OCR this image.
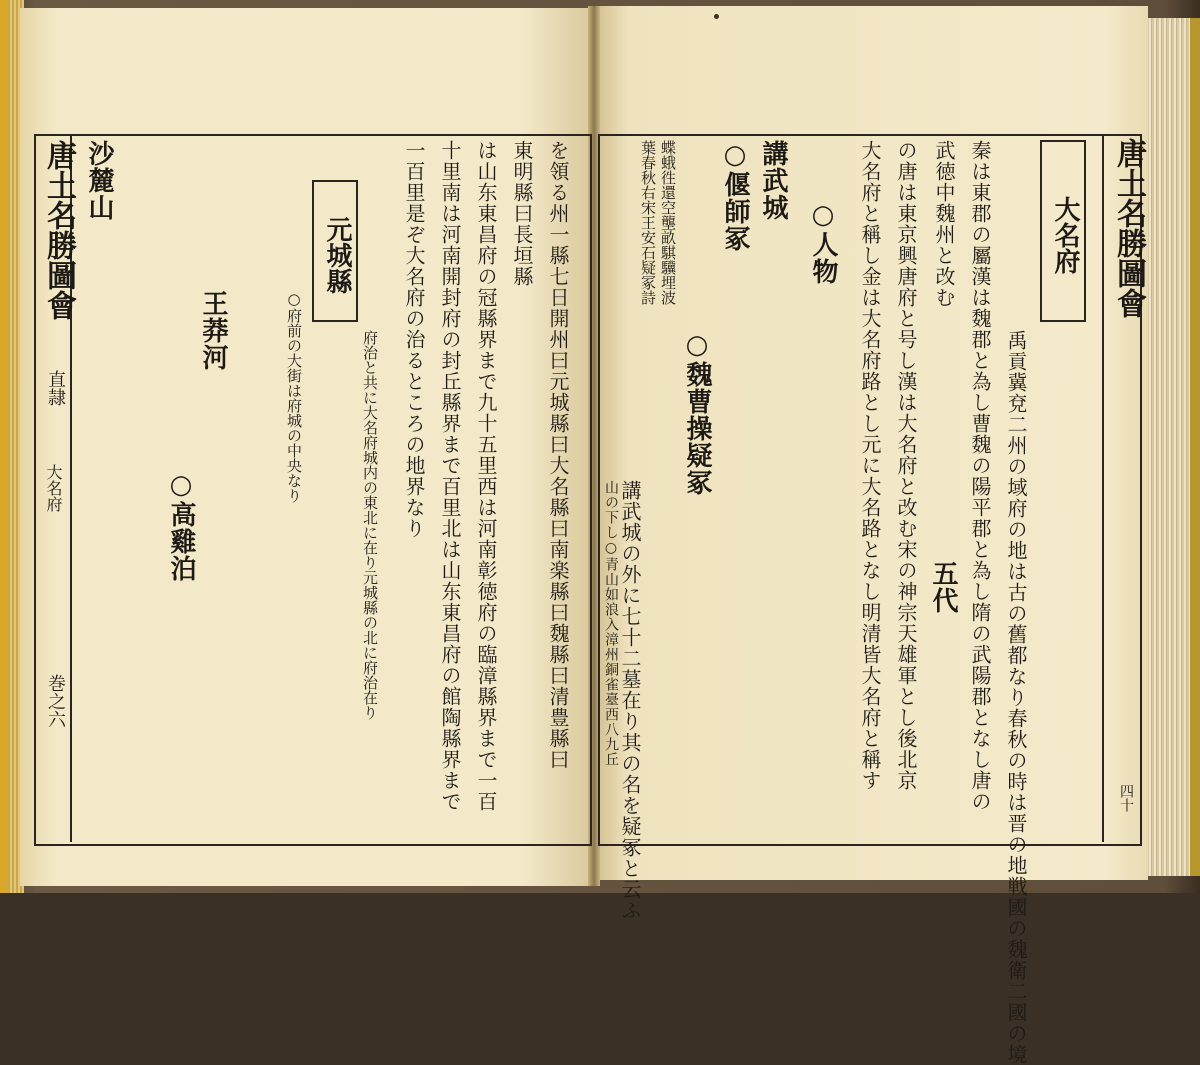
唐土名勝圖會
直隷
大名府
巻之六
唐土名勝圖會
四十
大名府
禹貢冀兗二州の域府の地は古の舊都なり春秋の時は晋の地戦國の魏衛二國の境
秦は東郡の屬漢は魏郡と為し曹魏の陽平郡と為し隋の武陽郡となし唐の
武徳中魏州と改む
五代
の唐は東京興唐府と号し漢は大名府と改む宋の神宗天雄軍とし後北京
大名府と稱し金は大名府路とし元に大名路となし明清皆大名府と稱す
○人物
講武城
○偃師冢
○魏曹操疑冢
蝶蛾徃還空壟畝騏驥埋波
葉春秋右宋王安石疑冢詩
講武城の外に七十二墓在り其の名を疑冢と云ふ
山の下し○青山如浪入漳州銅雀臺西八九丘
を領る州一縣七日開州曰元城縣曰大名縣曰南楽縣曰魏縣曰清豊縣曰
東明縣曰長垣縣
は山东東昌府の冠縣界まで九十五里西は河南彰徳府の臨漳縣界まで一百
十里南は河南開封府の封丘縣界まで百里北は山东東昌府の館陶縣界まで
一百里是ぞ大名府の治るところの地界なり
元城縣
府治と共に大名府城内の東北に在り元城縣の北に府治在り
○府前の大街は府城の中央なり
王莽河
沙麓山
○高雞泊
